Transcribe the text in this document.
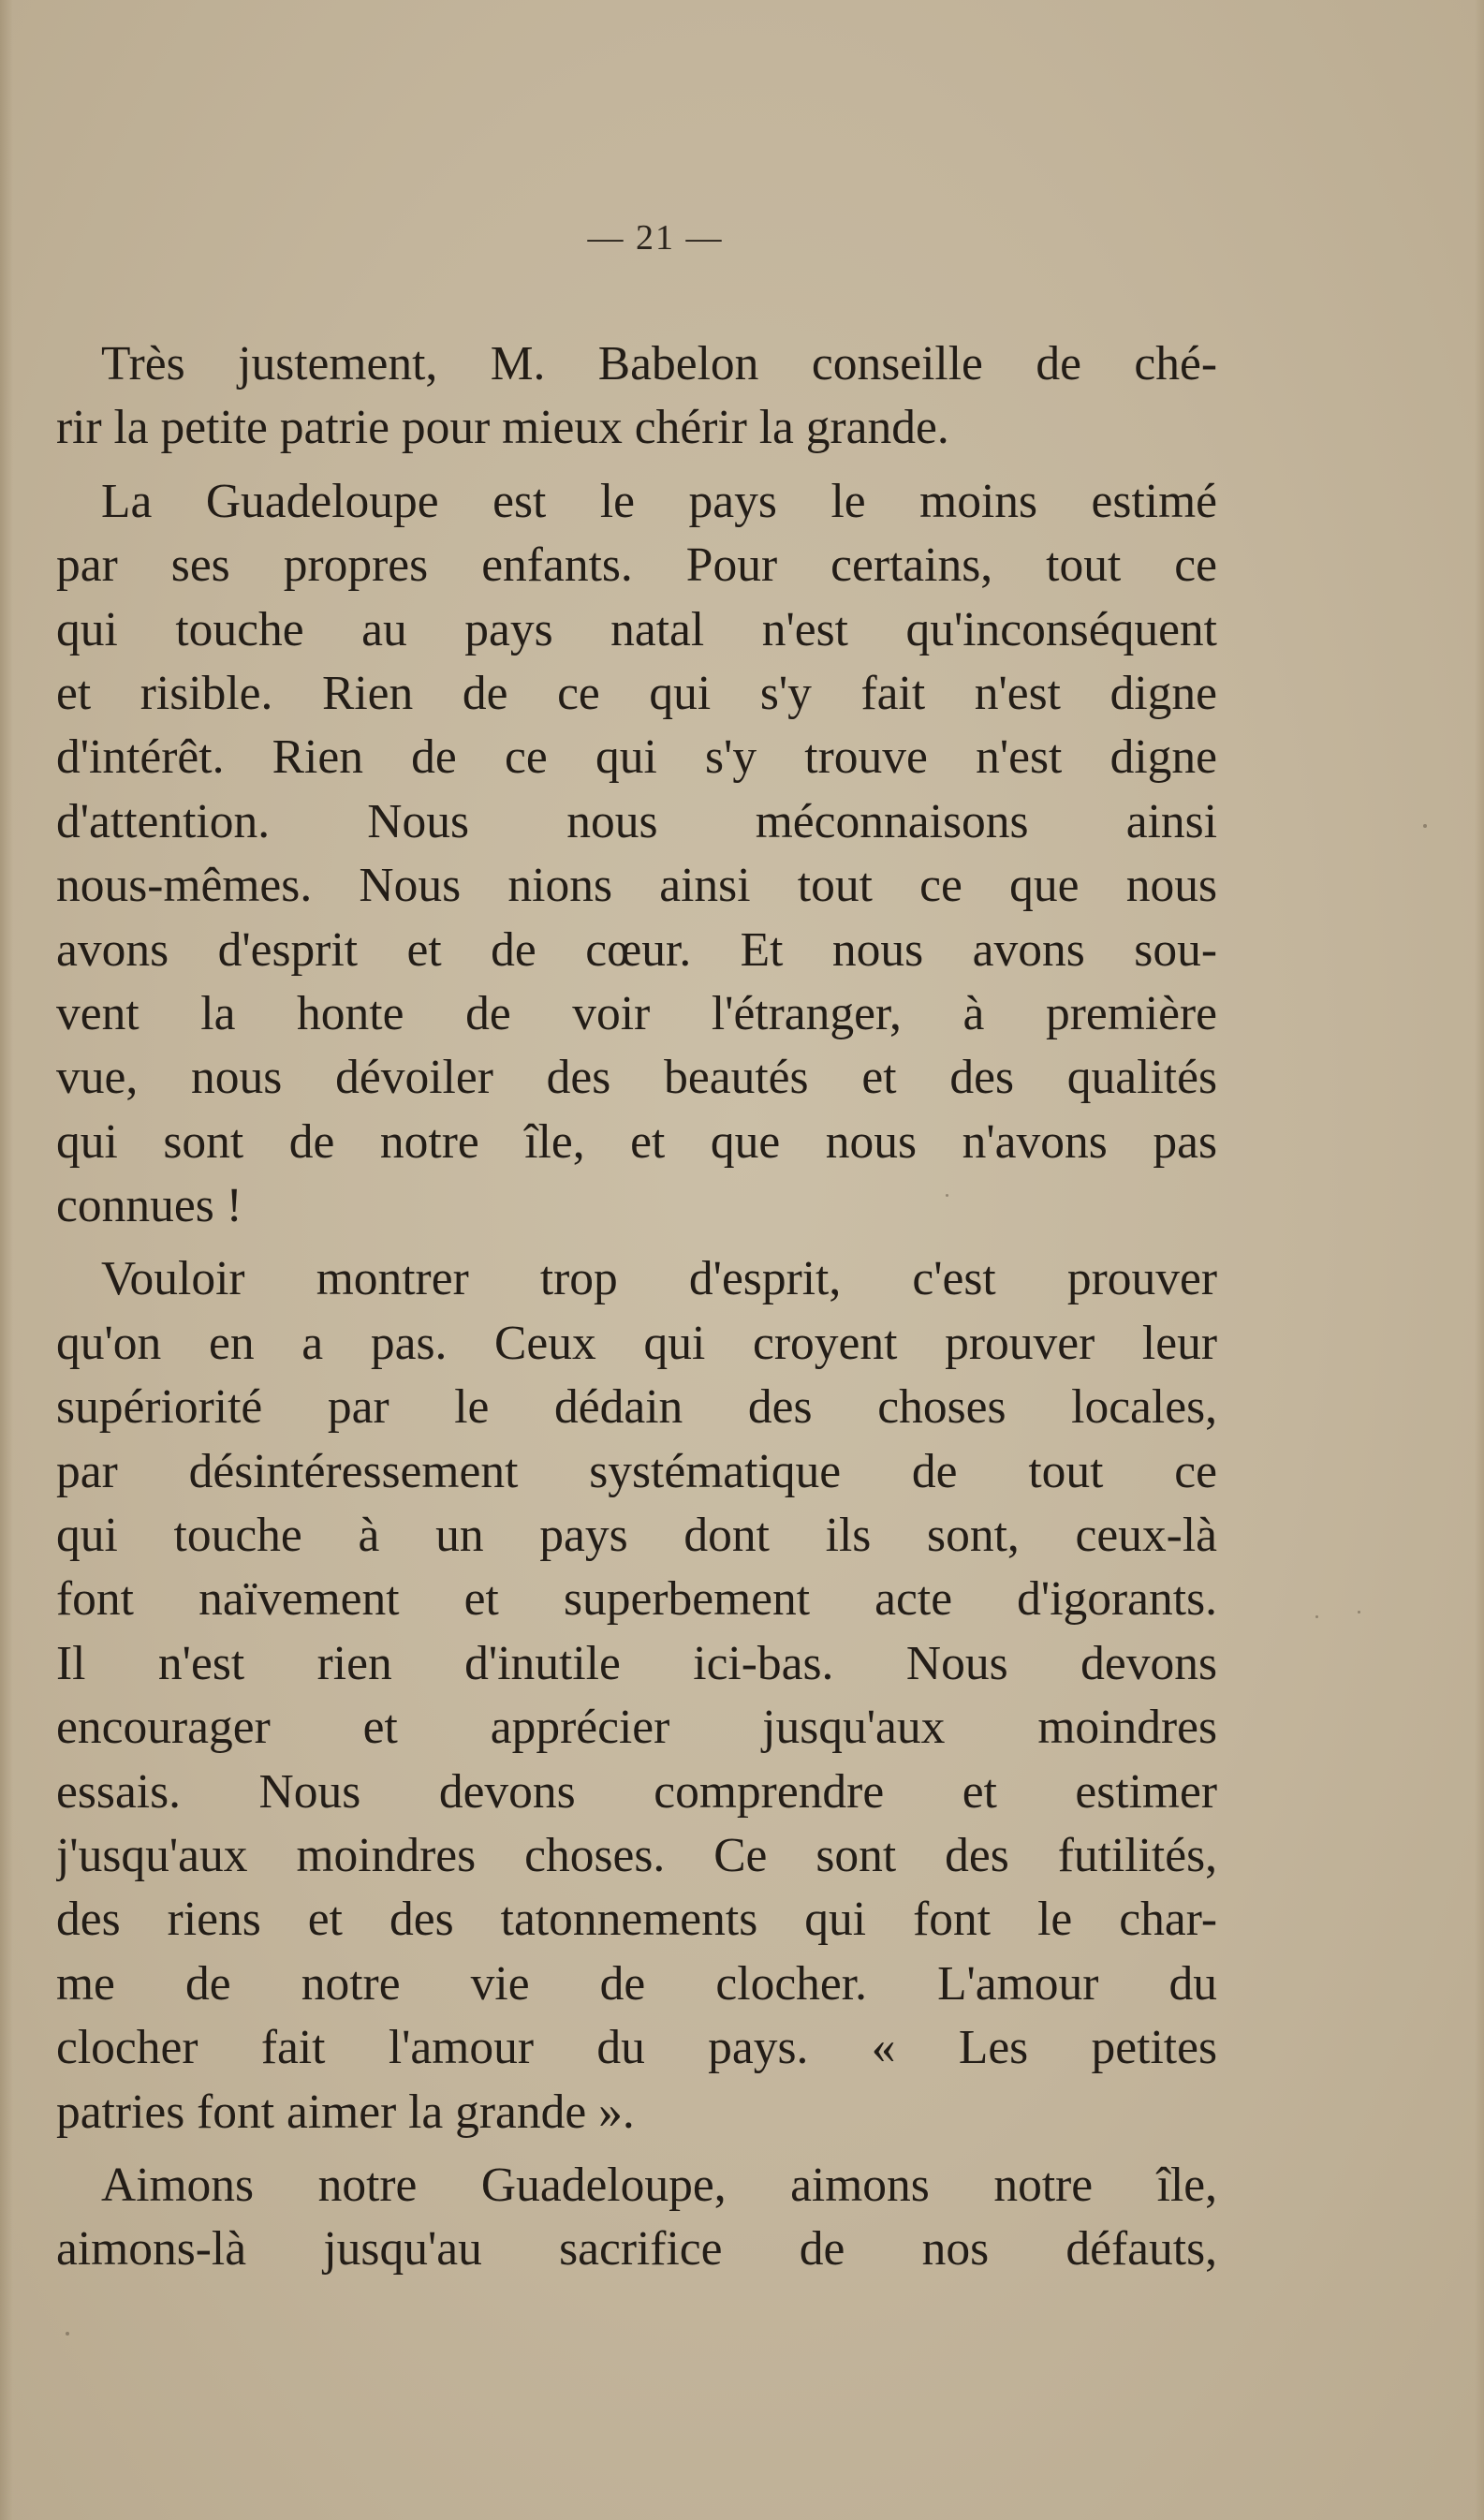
— 21 —
Très justement, M. Babelon conseille de ché-
rir la petite patrie pour mieux chérir la grande.
La Guadeloupe est le pays le moins estimé
par ses propres enfants. Pour certains, tout ce
qui touche au pays natal n'est qu'inconséquent
et risible. Rien de ce qui s'y fait n'est digne
d'intérêt. Rien de ce qui s'y trouve n'est digne
d'attention. Nous nous méconnaisons ainsi
nous-mêmes. Nous nions ainsi tout ce que nous
avons d'esprit et de cœur. Et nous avons sou-
vent la honte de voir l'étranger, à première
vue, nous dévoiler des beautés et des qualités
qui sont de notre île, et que nous n'avons pas
connues !
Vouloir montrer trop d'esprit, c'est prouver
qu'on en a pas. Ceux qui croyent prouver leur
supériorité par le dédain des choses locales,
par désintéressement systématique de tout ce
qui touche à un pays dont ils sont, ceux-là
font naïvement et superbement acte d'igorants.
Il n'est rien d'inutile ici-bas. Nous devons
encourager et apprécier jusqu'aux moindres
essais. Nous devons comprendre et estimer
j'usqu'aux moindres choses. Ce sont des futilités,
des riens et des tatonnements qui font le char-
me de notre vie de clocher. L'amour du
clocher fait l'amour du pays. « Les petites
patries font aimer la grande ».
Aimons notre Guadeloupe, aimons notre île,
aimons-là jusqu'au sacrifice de nos défauts,
